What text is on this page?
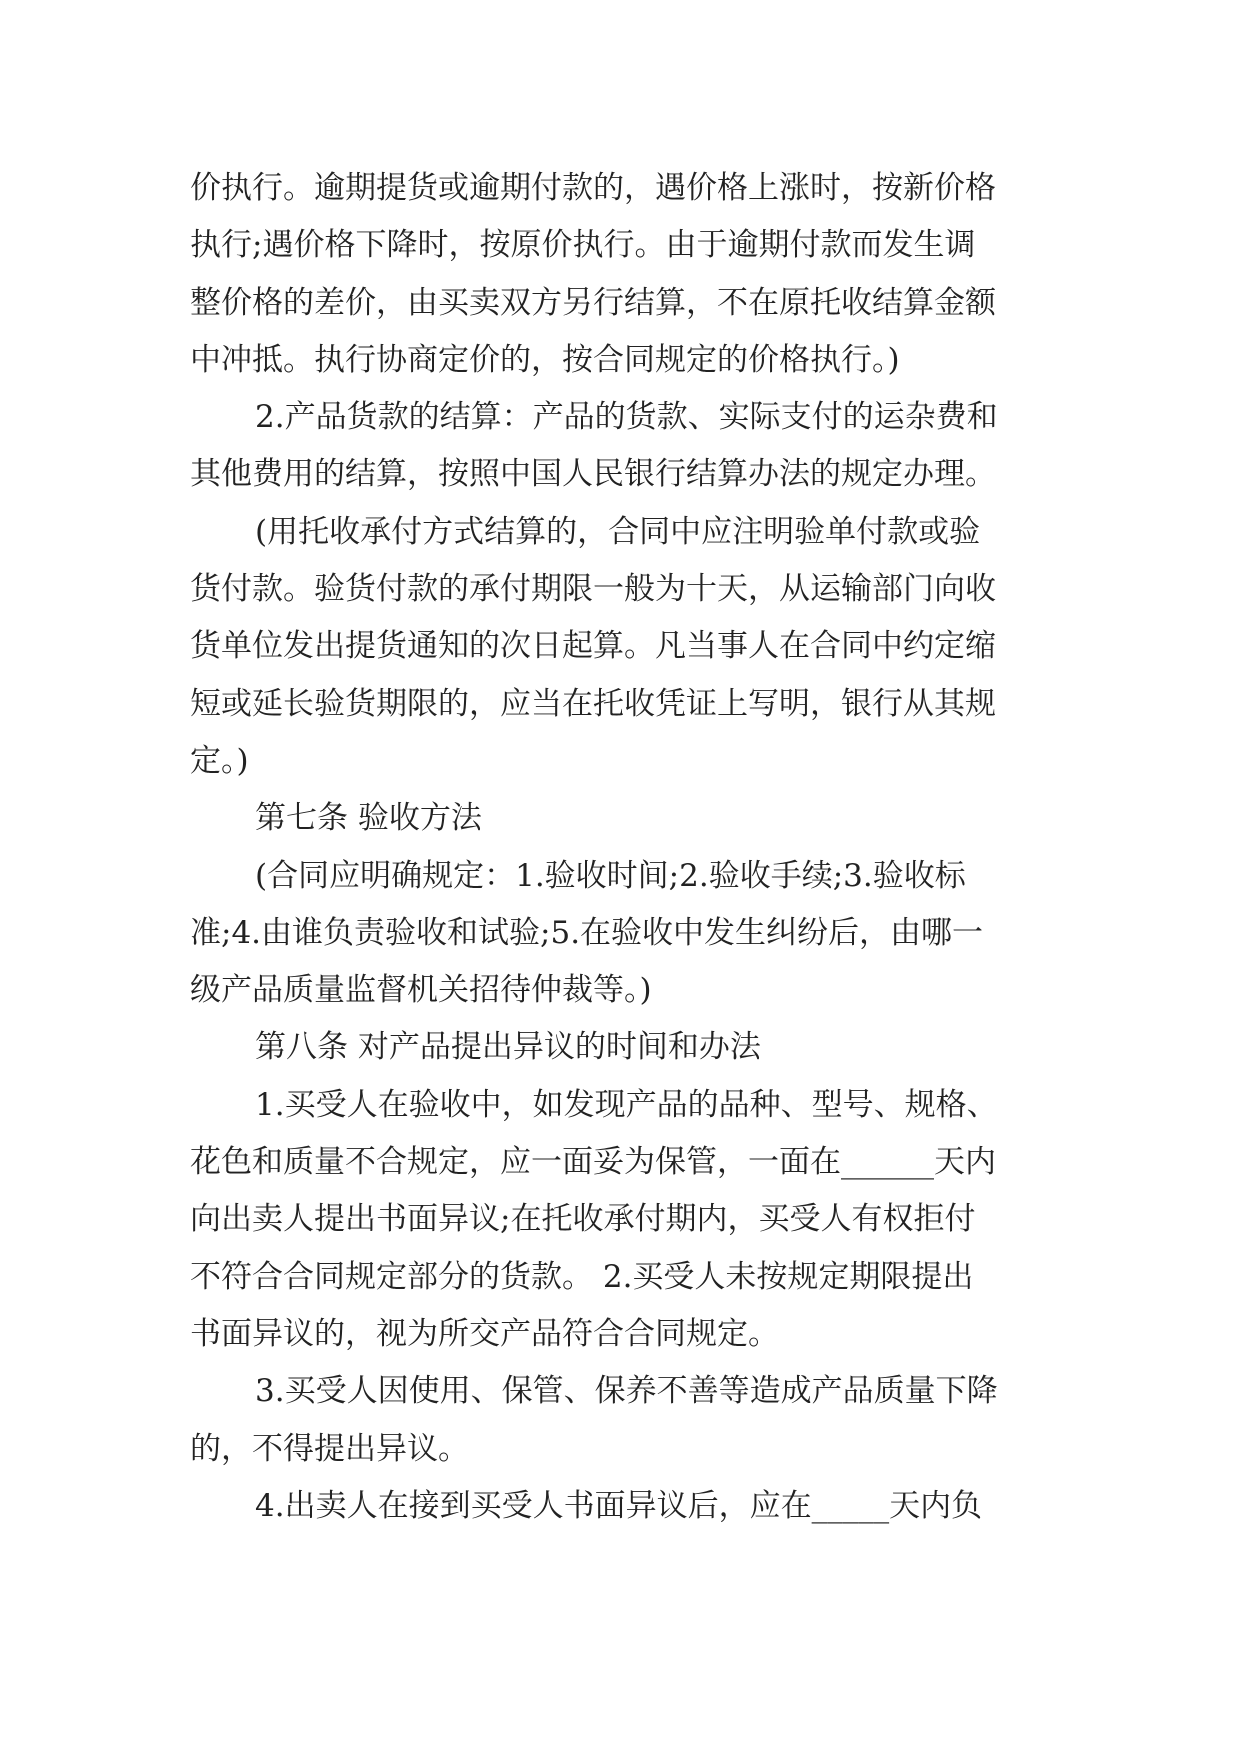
价执行。逾期提货或逾期付款的，遇价格上涨时，按新价格
执行;遇价格下降时，按原价执行。由于逾期付款而发生调
整价格的差价，由买卖双方另行结算，不在原托收结算金额
中冲抵。执行协商定价的，按合同规定的价格执行。)
2.产品货款的结算：产品的货款、实际支付的运杂费和
其他费用的结算，按照中国人民银行结算办法的规定办理。
(用托收承付方式结算的，合同中应注明验单付款或验
货付款。验货付款的承付期限一般为十天，从运输部门向收
货单位发出提货通知的次日起算。凡当事人在合同中约定缩
短或延长验货期限的，应当在托收凭证上写明，银行从其规
定。)
第七条 验收方法
(合同应明确规定：1.验收时间;2.验收手续;3.验收标
准;4.由谁负责验收和试验;5.在验收中发生纠纷后，由哪一
级产品质量监督机关招待仲裁等。)
第八条 对产品提出异议的时间和办法
1.买受人在验收中，如发现产品的品种、型号、规格、
花色和质量不合规定，应一面妥为保管，一面在______天内
向出卖人提出书面异议;在托收承付期内，买受人有权拒付
不符合合同规定部分的货款。 2.买受人未按规定期限提出
书面异议的，视为所交产品符合合同规定。
3.买受人因使用、保管、保养不善等造成产品质量下降
的，不得提出异议。
4.出卖人在接到买受人书面异议后，应在_____天内负
